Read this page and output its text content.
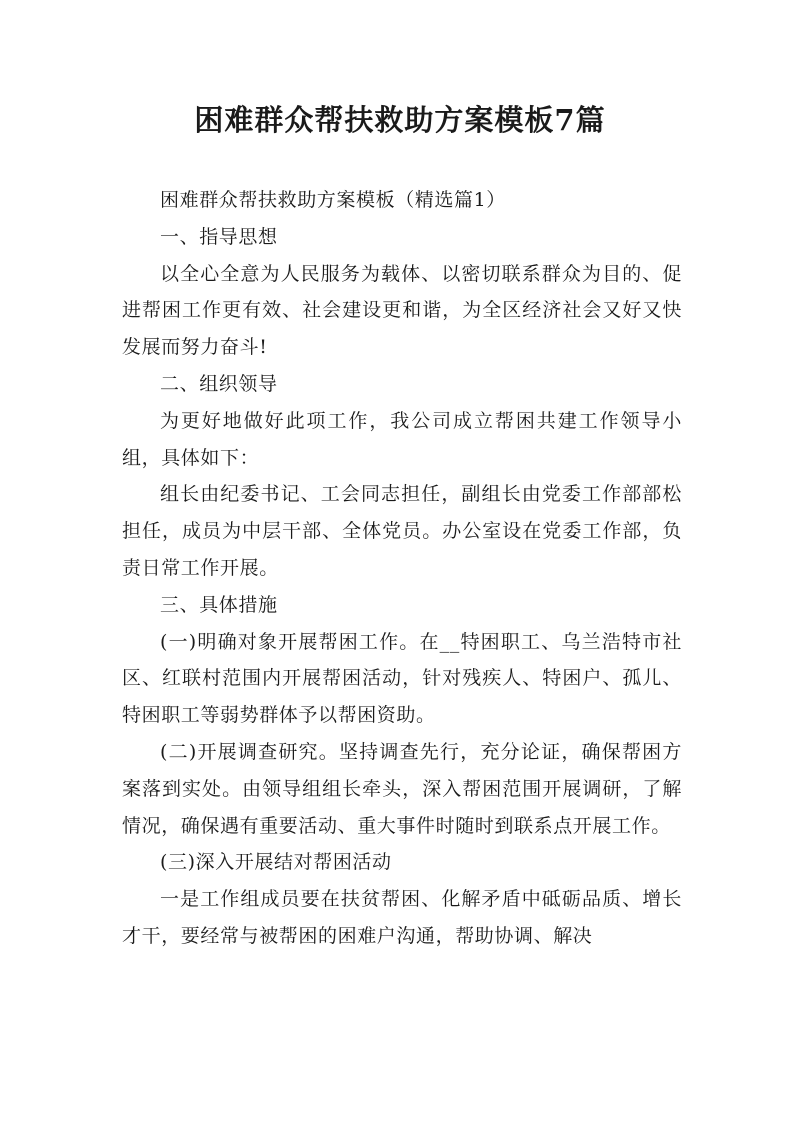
困难群众帮扶救助方案模板7篇

困难群众帮扶救助方案模板（精选篇1）

一、指导思想

以全心全意为人民服务为载体、以密切联系群众为目的、促进帮困工作更有效、社会建设更和谐，为全区经济社会又好又快发展而努力奋斗!

二、组织领导

为更好地做好此项工作，我公司成立帮困共建工作领导小组，具体如下：

组长由纪委书记、工会同志担任，副组长由党委工作部部松担任，成员为中层干部、全体党员。办公室设在党委工作部，负责日常工作开展。

三、具体措施

(一)明确对象开展帮困工作。在__特困职工、乌兰浩特市社区、红联村范围内开展帮困活动，针对残疾人、特困户、孤儿、特困职工等弱势群体予以帮困资助。

(二)开展调查研究。坚持调查先行，充分论证，确保帮困方案落到实处。由领导组组长牵头，深入帮困范围开展调研，了解情况，确保遇有重要活动、重大事件时随时到联系点开展工作。

(三)深入开展结对帮困活动

一是工作组成员要在扶贫帮困、化解矛盾中砥砺品质、增长才干，要经常与被帮困的困难户沟通，帮助协调、解决
